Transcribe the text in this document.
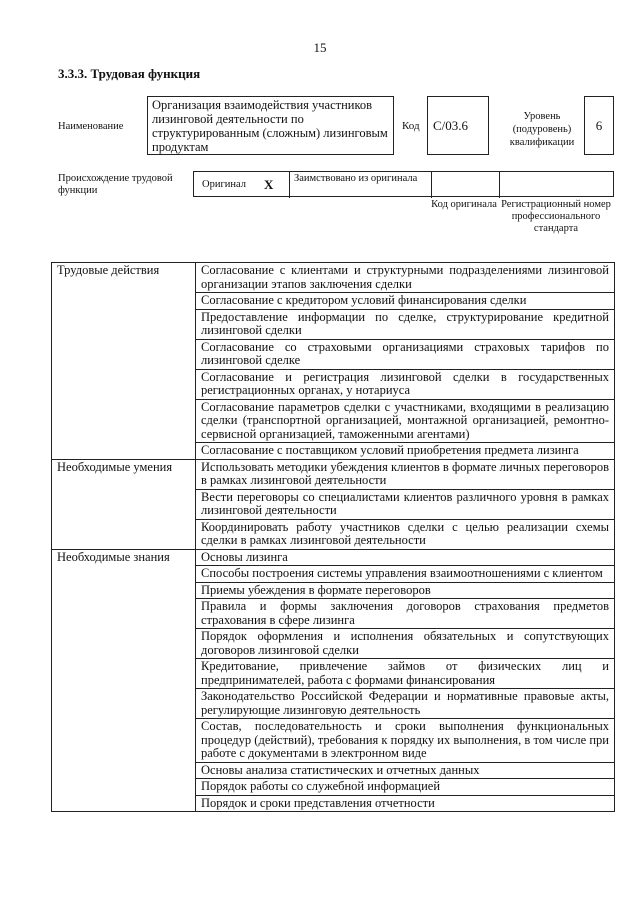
15
3.3.3. Трудовая функция
Наименование
Организация взаимодействия участников лизинговой деятельности по структурированным (сложным) лизинговым продуктам
Код	C/03.6
Уровень (подуровень) квалификации
6
Происхождение трудовой функции
Оригинал X	Заимствовано из оригинала
Код оригинала Регистрационный номер профессионального стандарта
Трудовые действия	Согласование с клиентами и структурными подразделениями лизинговой организации этапов заключения сделки
	Согласование с кредитором условий финансирования сделки
	Предоставление информации по сделке, структурирование кредитной лизинговой сделки
	Согласование со страховыми организациями страховых тарифов по лизинговой сделке
	Согласование и регистрация лизинговой сделки в государственных регистрационных органах, у нотариуса
	Согласование параметров сделки с участниками, входящими в реализацию сделки (транспортной организацией, монтажной организацией, ремонтно-сервисной организацией, таможенными агентами)
	Согласование с поставщиком условий приобретения предмета лизинга
Необходимые умения	Использовать методики убеждения клиентов в формате личных переговоров в рамках лизинговой деятельности
	Вести переговоры со специалистами клиентов различного уровня в рамках лизинговой деятельности
	Координировать работу участников сделки с целью реализации схемы сделки в рамках лизинговой деятельности
Необходимые знания	Основы лизинга
	Способы построения системы управления взаимоотношениями с клиентом
	Приемы убеждения в формате переговоров
	Правила и формы заключения договоров страхования предметов страхования в сфере лизинга
	Порядок оформления и исполнения обязательных и сопутствующих договоров лизинговой сделки
	Кредитование, привлечение займов от физических лиц и предпринимателей, работа с формами финансирования
	Законодательство Российской Федерации и нормативные правовые акты, регулирующие лизинговую деятельность
	Состав, последовательность и сроки выполнения функциональных процедур (действий), требования к порядку их выполнения, в том числе при работе с документами в электронном виде
	Основы анализа статистических и отчетных данных
	Порядок работы со служебной информацией
	Порядок и сроки представления отчетности
